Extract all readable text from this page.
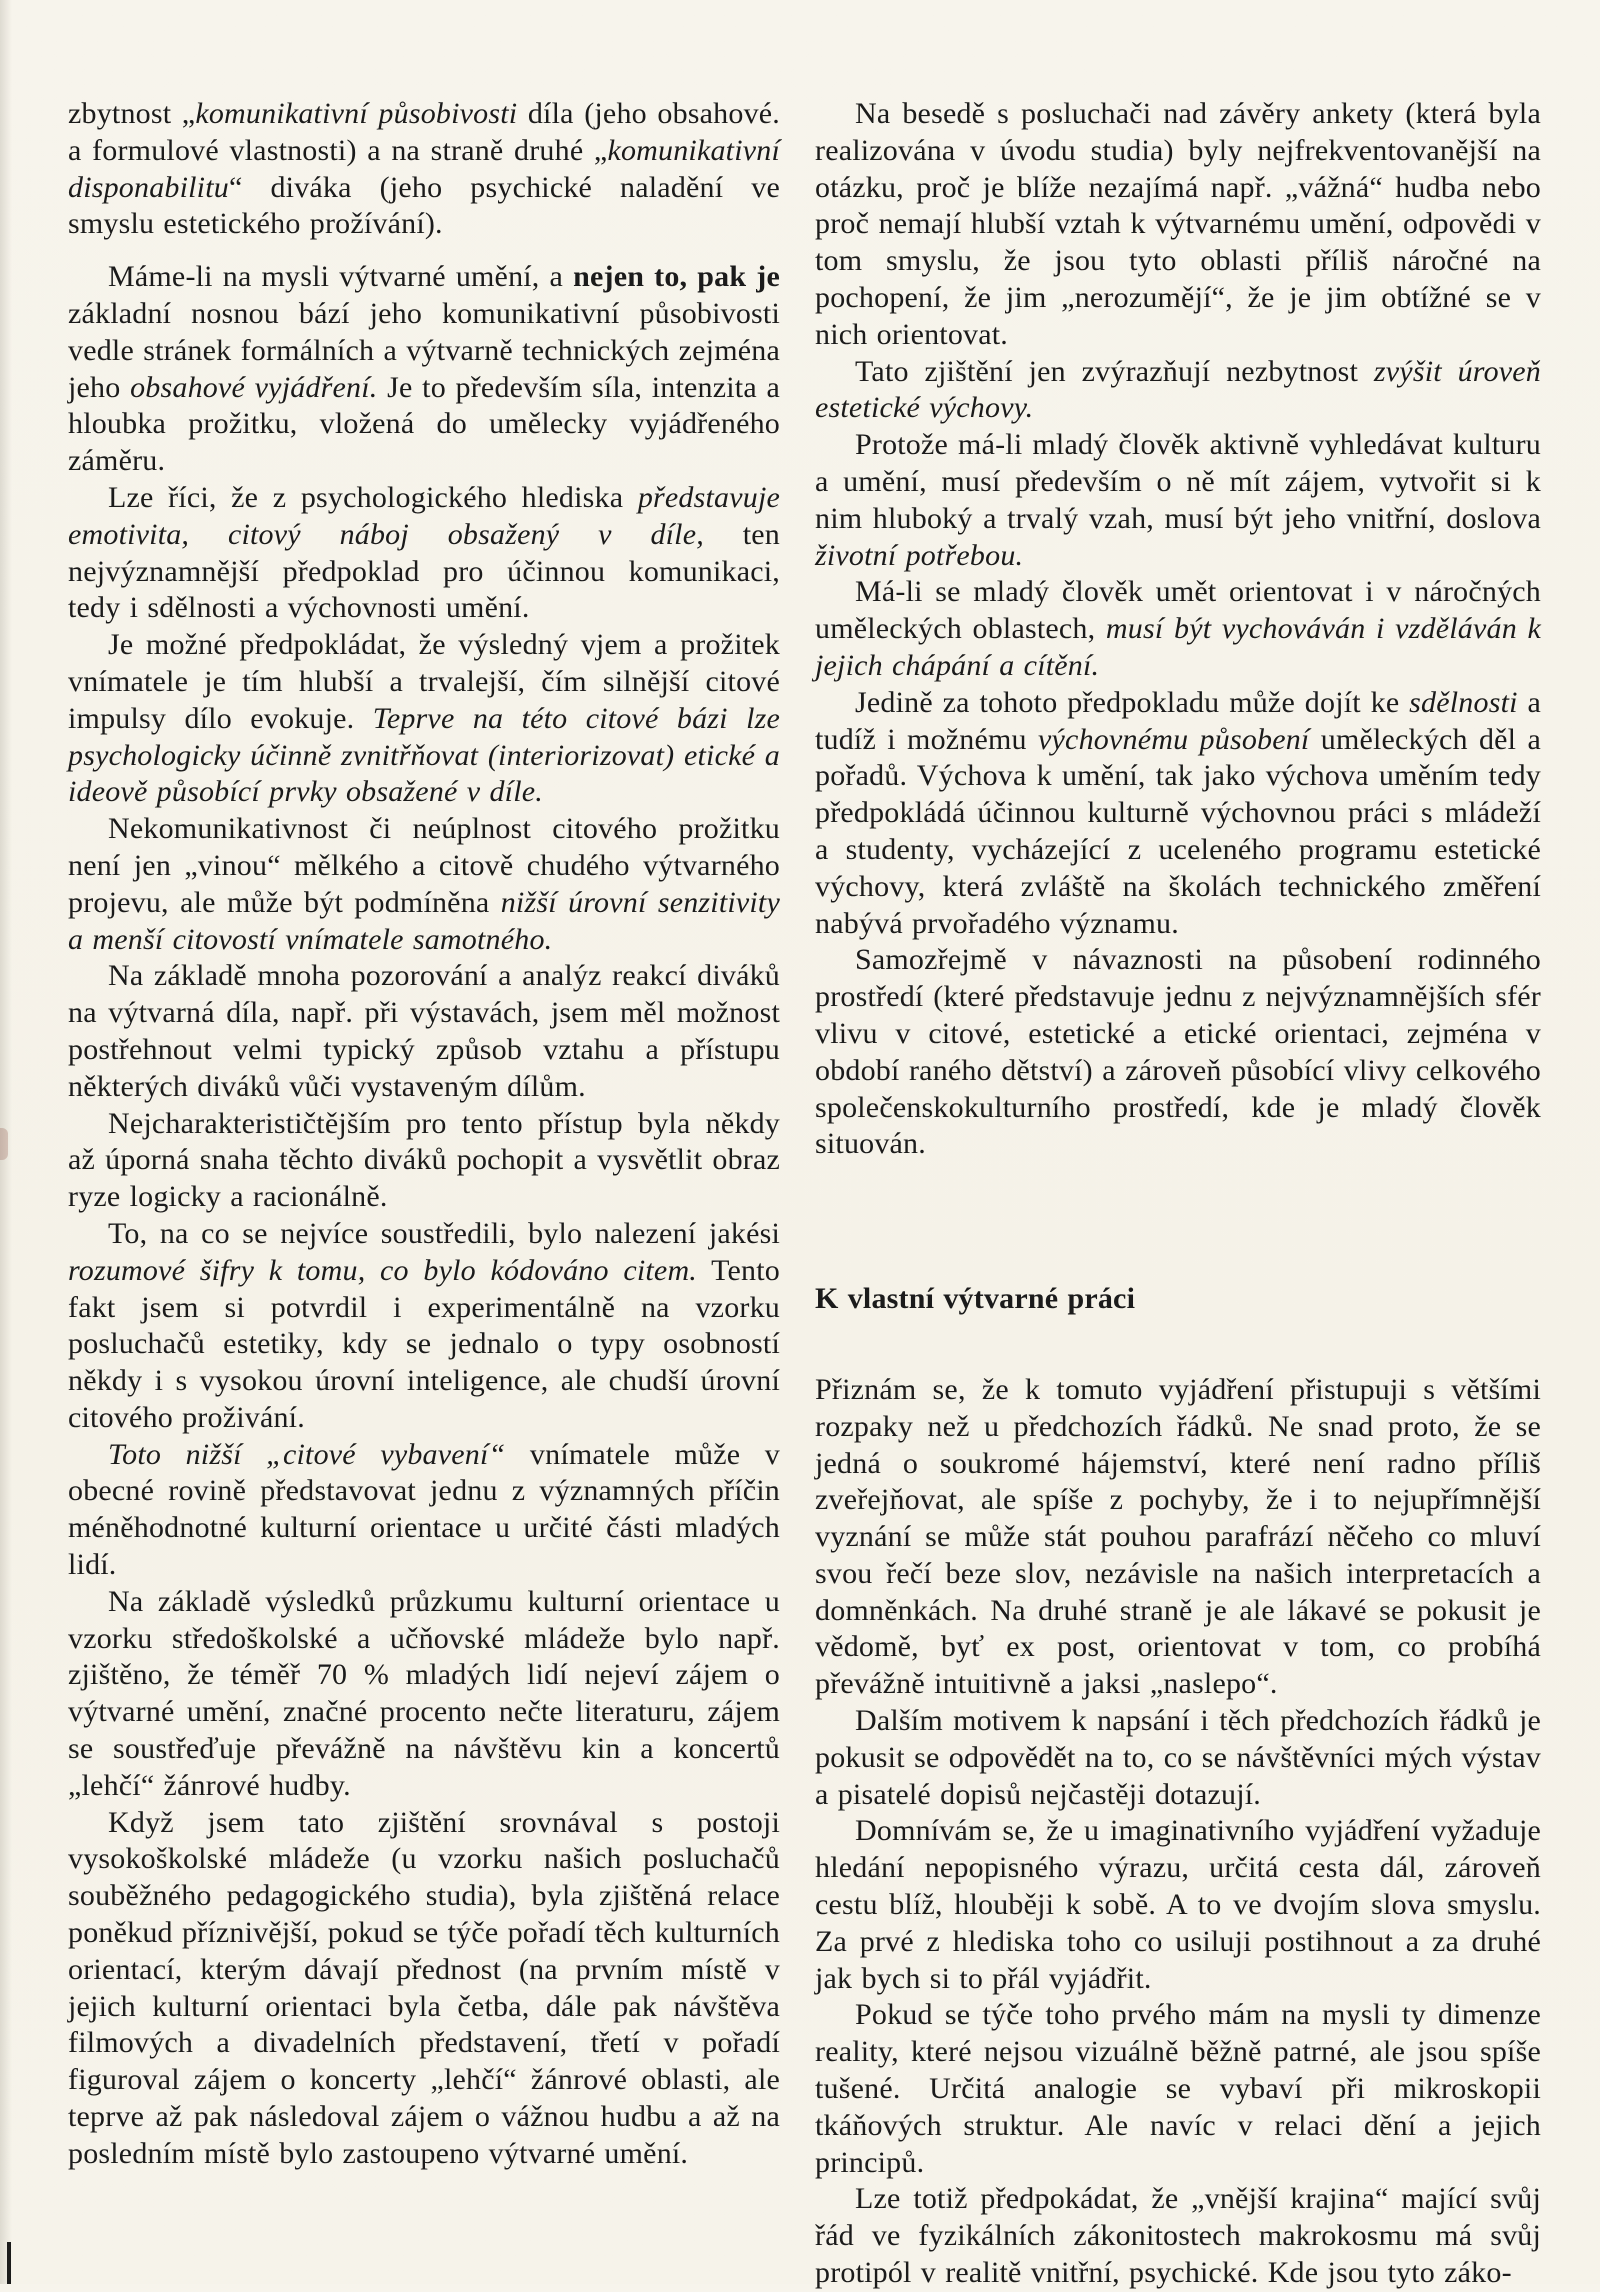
zbytnost „komunikativní působivosti díla (jeho obsahové. a formulové vlastnosti) a na straně druhé „komunikativní disponabilitu“ diváka (jeho psychické naladění ve smyslu estetického prožívání).

Máme-li na mysli výtvarné umění, a nejen to, pak je základní nosnou bází jeho komunikativní působivosti vedle stránek formálních a výtvarně technických zejména jeho obsahové vyjádření. Je to především síla, intenzita a hloubka prožitku, vložená do umělecky vyjádřeného záměru.

Lze říci, že z psychologického hlediska představuje emotivita, citový náboj obsažený v díle, ten nejvýznamnější předpoklad pro účinnou komunikaci, tedy i sdělnosti a výchovnosti umění.

Je možné předpokládat, že výsledný vjem a prožitek vnímatele je tím hlubší a trvalejší, čím silnější citové impulsy dílo evokuje. Teprve na této citové bázi lze psychologicky účinně zvnitřňovat (interiorizovat) etické a ideově působící prvky obsažené v díle.

Nekomunikativnost či neúplnost citového prožitku není jen „vinou“ mělkého a citově chudého výtvarného projevu, ale může být podmíněna nižší úrovní senzitivity a menší citovostí vnímatele samotného.

Na základě mnoha pozorování a analýz reakcí diváků na výtvarná díla, např. při výstavách, jsem měl možnost postřehnout velmi typický způsob vztahu a přístupu některých diváků vůči vystaveným dílům.

Nejcharakterističtějším pro tento přístup byla někdy až úporná snaha těchto diváků pochopit a vysvětlit obraz ryze logicky a racionálně.

To, na co se nejvíce soustředili, bylo nalezení jakési rozumové šifry k tomu, co bylo kódováno citem. Tento fakt jsem si potvrdil i experimentálně na vzorku posluchačů estetiky, kdy se jednalo o typy osobností někdy i s vysokou úrovní inteligence, ale chudší úrovní citového proživání.

Toto nižší „citové vybavení“ vnímatele může v obecné rovině představovat jednu z významných příčin méněhodnotné kulturní orientace u určité části mladých lidí.

Na základě výsledků průzkumu kulturní orientace u vzorku středoškolské a učňovské mládeže bylo např. zjištěno, že téměř 70 % mladých lidí nejeví zájem o výtvarné umění, značné procento nečte literaturu, zájem se soustřeďuje převážně na návštěvu kin a koncertů „lehčí“ žánrové hudby.

Když jsem tato zjištění srovnával s postoji vysokoškolské mládeže (u vzorku našich posluchačů souběžného pedagogického studia), byla zjištěná relace poněkud příznivější, pokud se týče pořadí těch kulturních orientací, kterým dávají přednost (na prvním místě v jejich kulturní orientaci byla četba, dále pak návštěva filmových a divadelních představení, třetí v pořadí figuroval zájem o koncerty „lehčí“ žánrové oblasti, ale teprve až pak následoval zájem o vážnou hudbu a až na posledním místě bylo zastoupeno výtvarné umění.

Na besedě s posluchači nad závěry ankety (která byla realizována v úvodu studia) byly nejfrekventovanější na otázku, proč je blíže nezajímá např. „vážná“ hudba nebo proč nemají hlubší vztah k výtvarnému umění, odpovědi v tom smyslu, že jsou tyto oblasti příliš náročné na pochopení, že jim „nerozumějí“, že je jim obtížné se v nich orientovat.

Tato zjištění jen zvýrazňují nezbytnost zvýšit úroveň estetické výchovy.

Protože má-li mladý člověk aktivně vyhledávat kulturu a umění, musí především o ně mít zájem, vytvořit si k nim hluboký a trvalý vzah, musí být jeho vnitřní, doslova životní potřebou.

Má-li se mladý člověk umět orientovat i v náročných uměleckých oblastech, musí být vychováván i vzděláván k jejich chápání a cítění.

Jedině za tohoto předpokladu může dojít ke sdělnosti a tudíž i možnému výchovnému působení uměleckých děl a pořadů. Výchova k umění, tak jako výchova uměním tedy předpokládá účinnou kulturně výchovnou práci s mládeží a studenty, vycházející z uceleného programu estetické výchovy, která zvláště na školách technického změření nabývá prvořadého významu.

Samozřejmě v návaznosti na působení rodinného prostředí (které představuje jednu z nejvýznamnějších sfér vlivu v citové, estetické a etické orientaci, zejména v období raného dětství) a zároveň působící vlivy celkového společenskokulturního prostředí, kde je mladý člověk situován.

K vlastní výtvarné práci

Přiznám se, že k tomuto vyjádření přistupuji s většími rozpaky než u předchozích řádků. Ne snad proto, že se jedná o soukromé hájemství, které není radno příliš zveřejňovat, ale spíše z pochyby, že i to nejupřímnější vyznání se může stát pouhou parafrází něčeho co mluví svou řečí beze slov, nezávisle na našich interpretacích a domněnkách. Na druhé straně je ale lákavé se pokusit je vědomě, byť ex post, orientovat v tom, co probíhá převážně intuitivně a jaksi „naslepo“.

Dalším motivem k napsání i těch předchozích řádků je pokusit se odpovědět na to, co se návštěvníci mých výstav a pisatelé dopisů nejčastěji dotazují.

Domnívám se, že u imaginativního vyjádření vyžaduje hledání nepopisného výrazu, určitá cesta dál, zároveň cestu blíž, hlouběji k sobě. A to ve dvojím slova smyslu. Za prvé z hlediska toho co usiluji postihnout a za druhé jak bych si to přál vyjádřit.

Pokud se týče toho prvého mám na mysli ty dimenze reality, které nejsou vizuálně běžně patrné, ale jsou spíše tušené. Určitá analogie se vybaví při mikroskopii tkáňových struktur. Ale navíc v relaci dění a jejich principů.

Lze totiž předpokádat, že „vnější krajina“ mající svůj řád ve fyzikálních zákonitostech makrokosmu má svůj protipól v realitě vnitřní, psychické. Kde jsou tyto záko-
